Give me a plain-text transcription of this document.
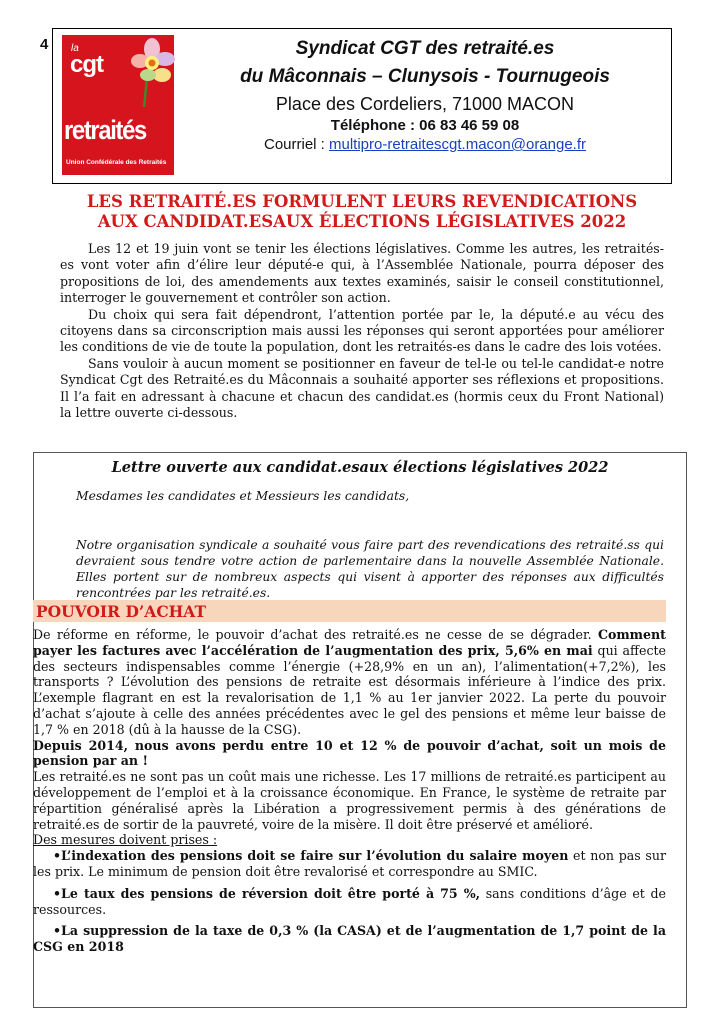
4 la
cgt
retraités
Union Confédérale des Retraités
Syndicat CGT des retraité.es
du Mâconnais – Clunysois - Tournugeois
Place des Cordeliers, 71000 MACON
Téléphone : 06 83 46 59 08
Courriel : multipro-retraitescgt.macon@orange.fr
LES RETRAITÉ.ES FORMULENT LEURS REVENDICATIONS
AUX CANDIDAT.ESAUX ÉLECTIONS LÉGISLATIVES 2022

Les 12 et 19 juin vont se tenir les élections législatives. Comme les autres, les retraités-es vont voter afin d’élire leur député-e qui, à l’Assemblée Nationale, pourra déposer des propositions de loi, des amendements aux textes examinés, saisir le conseil constitutionnel, interroger le gouvernement et contrôler son action.

Du choix qui sera fait dépendront, l’attention portée par le, la député.e au vécu des citoyens dans sa circonscription mais aussi les réponses qui seront apportées pour améliorer les conditions de vie de toute la population, dont les retraités-es dans le cadre des lois votées.

Sans vouloir à aucun moment se positionner en faveur de tel-le ou tel-le candidat-e notre Syndicat Cgt des Retraité.es du Mâconnais a souhaité apporter ses réflexions et propositions. Il l’a fait en adressant à chacune et chacun des candidat.es (hormis ceux du Front National) la lettre ouverte ci-dessous.

Lettre ouverte aux candidat.esaux élections législatives 2022
Mesdames les candidates et Messieurs les candidats,
Notre organisation syndicale a souhaité vous faire part des revendications des retraité.ss qui devraient sous tendre votre action de parlementaire dans la nouvelle Assemblée Nationale. Elles portent sur de nombreux aspects qui visent à apporter des réponses aux difficultés rencontrées par les retraité.es.
POUVOIR D’ACHAT

De réforme en réforme, le pouvoir d’achat des retraité.es ne cesse de se dégrader. Comment payer les factures avec l’accélération de l’augmentation des prix, 5,6% en mai qui affecte des secteurs indispensables comme l’énergie (+28,9% en un an), l’alimentation(+7,2%), les transports ? L’évolution des pensions de retraite est désormais inférieure à l’indice des prix. L’exemple flagrant en est la revalorisation de 1,1 % au 1er janvier 2022. La perte du pouvoir d’achat s’ajoute à celle des années précédentes avec le gel des pensions et même leur baisse de 1,7 % en 2018 (dû à la hausse de la CSG).

Depuis 2014, nous avons perdu entre 10 et 12 % de pouvoir d’achat, soit un mois de pension par an !

Les retraité.es ne sont pas un coût mais une richesse. Les 17 millions de retraité.es participent au développement de l’emploi et à la croissance économique. En France, le système de retraite par répartition généralisé après la Libération a progressivement permis à des générations de retraité.es de sortir de la pauvreté, voire de la misère. Il doit être préservé et amélioré.

Des mesures doivent prises :

•L’indexation des pensions doit se faire sur l’évolution du salaire moyen et non pas sur les prix. Le minimum de pension doit être revalorisé et correspondre au SMIC.

•Le taux des pensions de réversion doit être porté à 75 %, sans conditions d’âge et de ressources.

•La suppression de la taxe de 0,3 % (la CASA) et de l’augmentation de 1,7 point de la CSG en 2018
